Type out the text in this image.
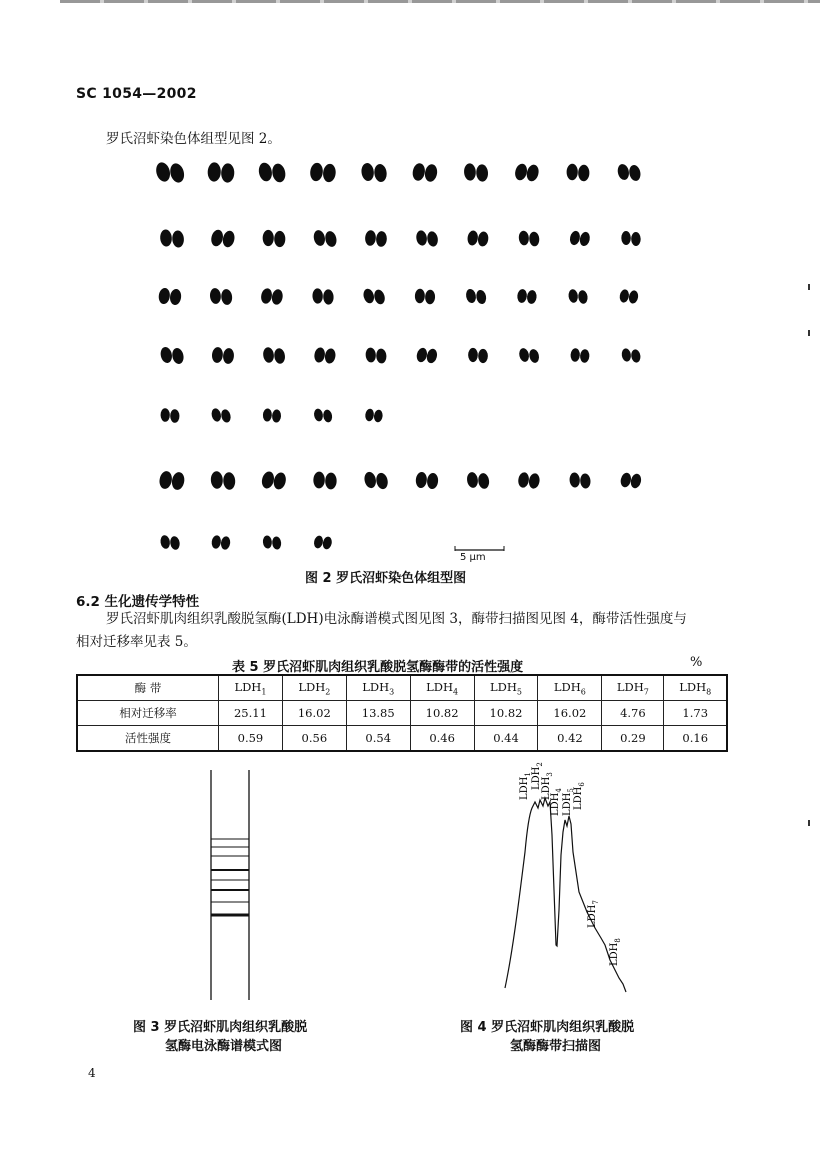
SC 1054—2002
罗氏沼虾染色体组型见图 2。
5 μm
图 2 罗氏沼虾染色体组型图
6.2 生化遗传学特性
罗氏沼虾肌肉组织乳酸脱氢酶(LDH)电泳酶谱模式图见图 3，酶带扫描图见图 4，酶带活性强度与
相对迁移率见表 5。
表 5 罗氏沼虾肌肉组织乳酸脱氢酶酶带的活性强度	%
酶 带	$LDH_1$	$LDH_2$	$LDH_3$	$LDH_4$	$LDH_5$	$LDH_6$	$LDH_7$	$LDH_8$
相对迁移率	25.11	16.02	13.85	10.82	10.82	16.02	4.76	1.73
活性强度	0.59	0.56	0.54	0.46	0.44	0.42	0.29	0.16
$LDH_1$ $LDH_2$
$LDH_3$
$LDH_4$
$LDH_5$
$LDH_6$
$LDH_7$
$LDH_8$
图 3 罗氏沼虾肌肉组织乳酸脱
氢酶电泳酶谱模式图
图 4 罗氏沼虾肌肉组织乳酸脱
氢酶酶带扫描图
4
